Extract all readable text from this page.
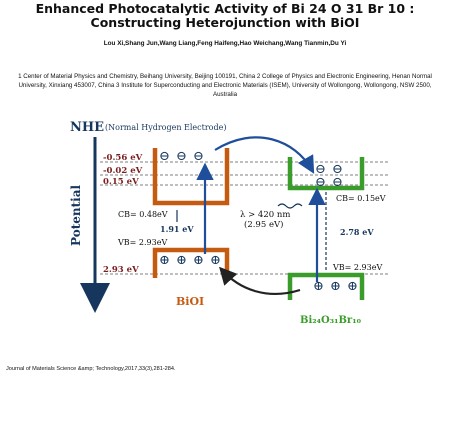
Enhanced Photocatalytic Activity of Bi 24 O 31 Br 10 : Constructing Heterojunction with BiOI
Lou Xi,Shang Jun,Wang Liang,Feng Haifeng,Hao Weichang,Wang Tianmin,Du Yi
1 Center of Material Physics and Chemistry, Beihang University, Beijing 100191, China 2 College of Physics and Electronic Engineering, Henan Normal University, Xinxiang 453007, China 3 Institute for Superconducting and Electronic Materials (ISEM), University of Wollongong, Wollongong, NSW 2500, Australia
NHE (Normal Hydrogen Electrode)
Potential
-0.56 eV
-0.02 eV
0.15 eV
2.93 eV
⊖ ⊖ ⊖
⊕ ⊕ ⊕ ⊕
⊖ ⊖
⊖ ⊖
⊕ ⊕ ⊕
CB= 0.48eV
VB= 2.93eV
1.91 eV
CB= 0.15eV
VB= 2.93eV
2.78 eV
λ > 420 nm
(2.95 eV)
BiOI
Bi₂₄O₃₁Br₁₀
Journal of Materials Science &amp; Technology,2017,33(3),281-284.
